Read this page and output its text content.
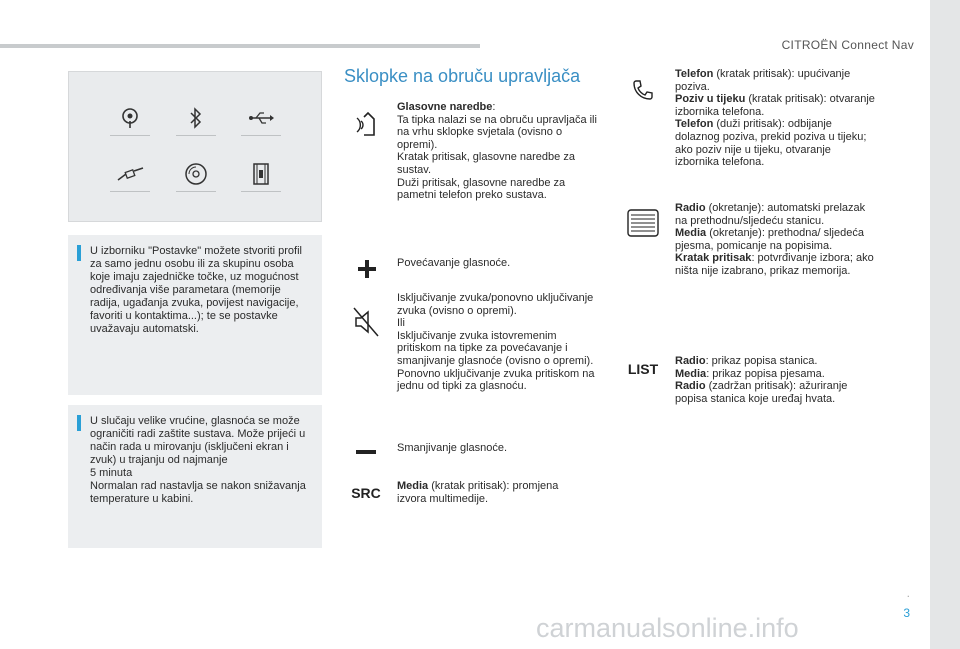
CITROËN Connect Nav
.
3

U izborniku "Postavke" možete stvoriti profil za samo jednu osobu ili za skupinu osoba koje imaju zajedničke točke, uz mogućnost određivanja više parametara (memorije radija, ugađanja zvuka, povijest navigacije, favoriti u kontaktima...); te se postavke uvažavaju automatski.

U slučaju velike vrućine, glasnoća se može ograničiti radi zaštite sustava. Može prijeći u način rada u mirovanju (isključeni ekran i zvuk) u trajanju od najmanje
5 minuta
Normalan rad nastavlja se nakon snižavanja temperature u kabini.

Sklopke na obruču upravljača

Glasovne naredbe:
Ta tipka nalazi se na obruču upravljača ili na vrhu sklopke svjetala (ovisno o opremi).
Kratak pritisak, glasovne naredbe za sustav.
Duži pritisak, glasovne naredbe za pametni telefon preko sustava.

Povećavanje glasnoće.

Isključivanje zvuka/ponovno uključivanje zvuka (ovisno o opremi).
Ili
Isključivanje zvuka istovremenim pritiskom na tipke za povećavanje i smanjivanje glasnoće (ovisno o opremi).
Ponovno uključivanje zvuka pritiskom na jednu od tipki za glasnoću.

Smanjivanje glasnoće.

SRC Media (kratak pritisak): promjena izvora multimedije.

Telefon (kratak pritisak): upućivanje poziva.

Poziv u tijeku (kratak pritisak): otvaranje izbornika telefona.

Telefon (duži pritisak): odbijanje dolaznog poziva, prekid poziva u tijeku; ako poziv nije u tijeku, otvaranje izbornika telefona.

Radio (okretanje): automatski prelazak na prethodnu/sljedeću stanicu.

Media (okretanje): prethodna/ sljedeća pjesma, pomicanje na popisima.

Kratak pritisak: potvrđivanje izbora; ako ništa nije izabrano, prikaz memorija.

LIST	Radio: prikaz popisa stanica.

Media: prikaz popisa pjesama.

Radio (zadržan pritisak): ažuriranje popisa stanica koje uređaj hvata.

carmanualsonline.info
